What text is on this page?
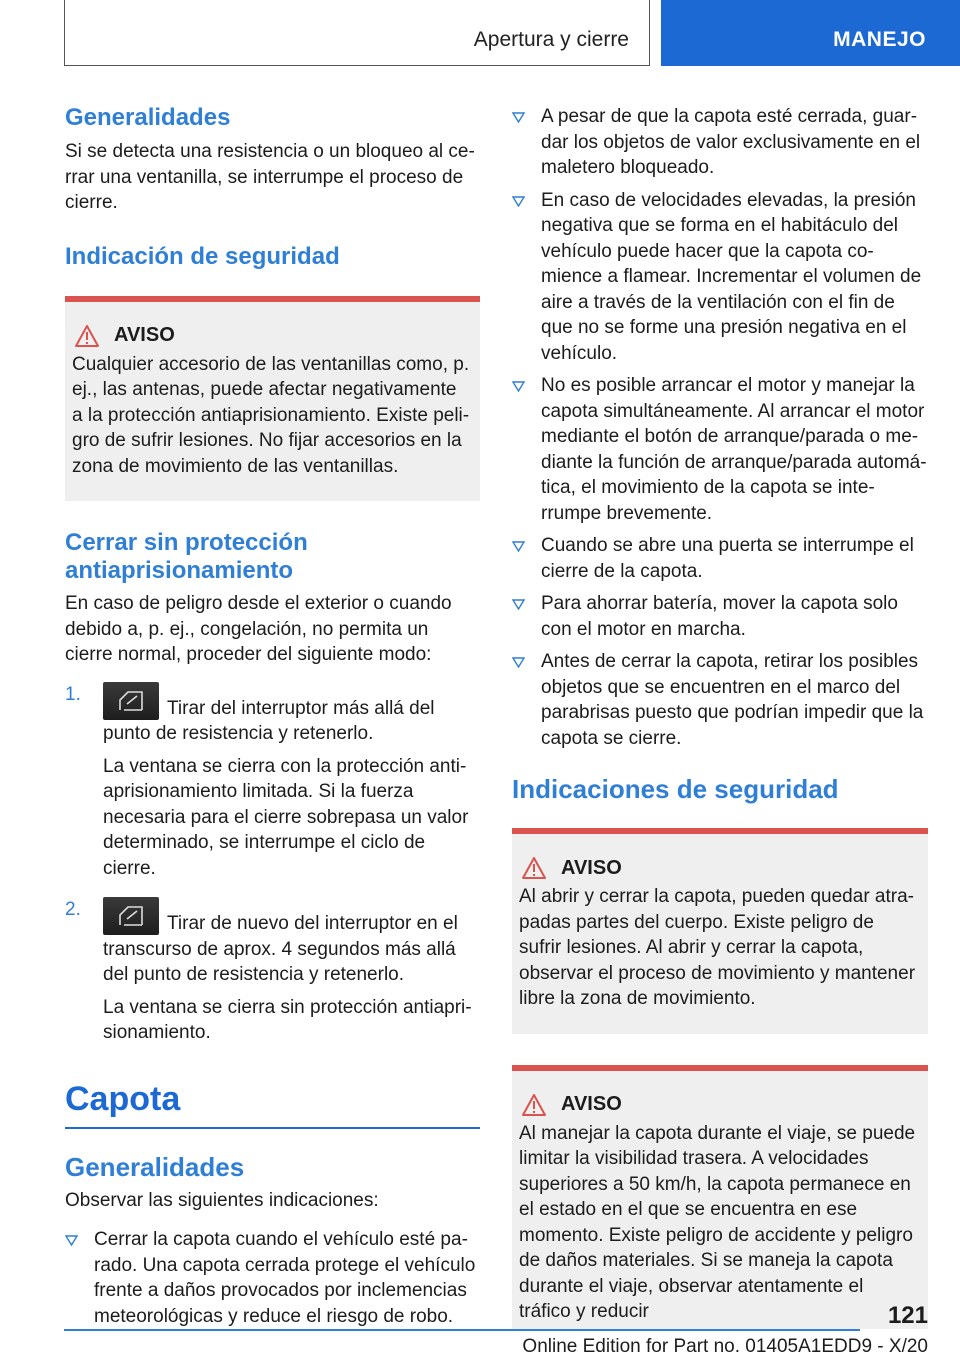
Apertura y cierre	MANEJO
Generalidades

Si se detecta una resistencia o un bloqueo al cerrar una ventanilla, se interrumpe el proceso de cierre.

Indicación de seguridad
AVISO

Cualquier accesorio de las ventanillas como, p. ej., las antenas, puede afectar negativamente a la protección antiaprisionamiento. Existe peligro de sufrir lesiones. No fijar accesorios en la zona de movimiento de las ventanillas.

Cerrar sin protección antiaprisionamiento

En caso de peligro desde el exterior o cuando debido a, p. ej., congelación, no permita un cierre normal, proceder del siguiente modo:

1.
Tirar del interruptor más allá del punto de resistencia y retenerlo.

La ventana se cierra con la protección antiaprisionamiento limitada. Si la fuerza necesaria para el cierre sobrepasa un valor determinado, se interrumpe el ciclo de cierre.

2.
Tirar de nuevo del interruptor en el transcurso de aprox. 4 segundos más allá del punto de resistencia y retenerlo.

La ventana se cierra sin protección antiaprisionamiento.

Capota
Generalidades

Observar las siguientes indicaciones:

Cerrar la capota cuando el vehículo esté parado. Una capota cerrada protege el vehículo frente a daños provocados por inclemencias meteorológicas y reduce el riesgo de robo.
A pesar de que la capota esté cerrada, guardar los objetos de valor exclusivamente en el maletero bloqueado.
En caso de velocidades elevadas, la presión negativa que se forma en el habitáculo del vehículo puede hacer que la capota comience a flamear. Incrementar el volumen de aire a través de la ventilación con el fin de que no se forme una presión negativa en el vehículo.
No es posible arrancar el motor y manejar la capota simultáneamente. Al arrancar el motor mediante el botón de arranque/parada o mediante la función de arranque/parada automática, el movimiento de la capota se interrumpe brevemente.
Cuando se abre una puerta se interrumpe el cierre de la capota.
Para ahorrar batería, mover la capota solo con el motor en marcha.
Antes de cerrar la capota, retirar los posibles objetos que se encuentren en el marco del parabrisas puesto que podrían impedir que la capota se cierre.
Indicaciones de seguridad
AVISO

Al abrir y cerrar la capota, pueden quedar atrapadas partes del cuerpo. Existe peligro de sufrir lesiones. Al abrir y cerrar la capota, observar el proceso de movimiento y mantener libre la zona de movimiento.

AVISO

Al manejar la capota durante el viaje, se puede limitar la visibilidad trasera. A velocidades superiores a 50 km/h, la capota permanece en el estado en el que se encuentra en ese momento. Existe peligro de accidente y peligro de daños materiales. Si se maneja la capota durante el viaje, observar atentamente el tráfico y reducir	121
Online Edition for Part no. 01405A1EDD9 - X/20
